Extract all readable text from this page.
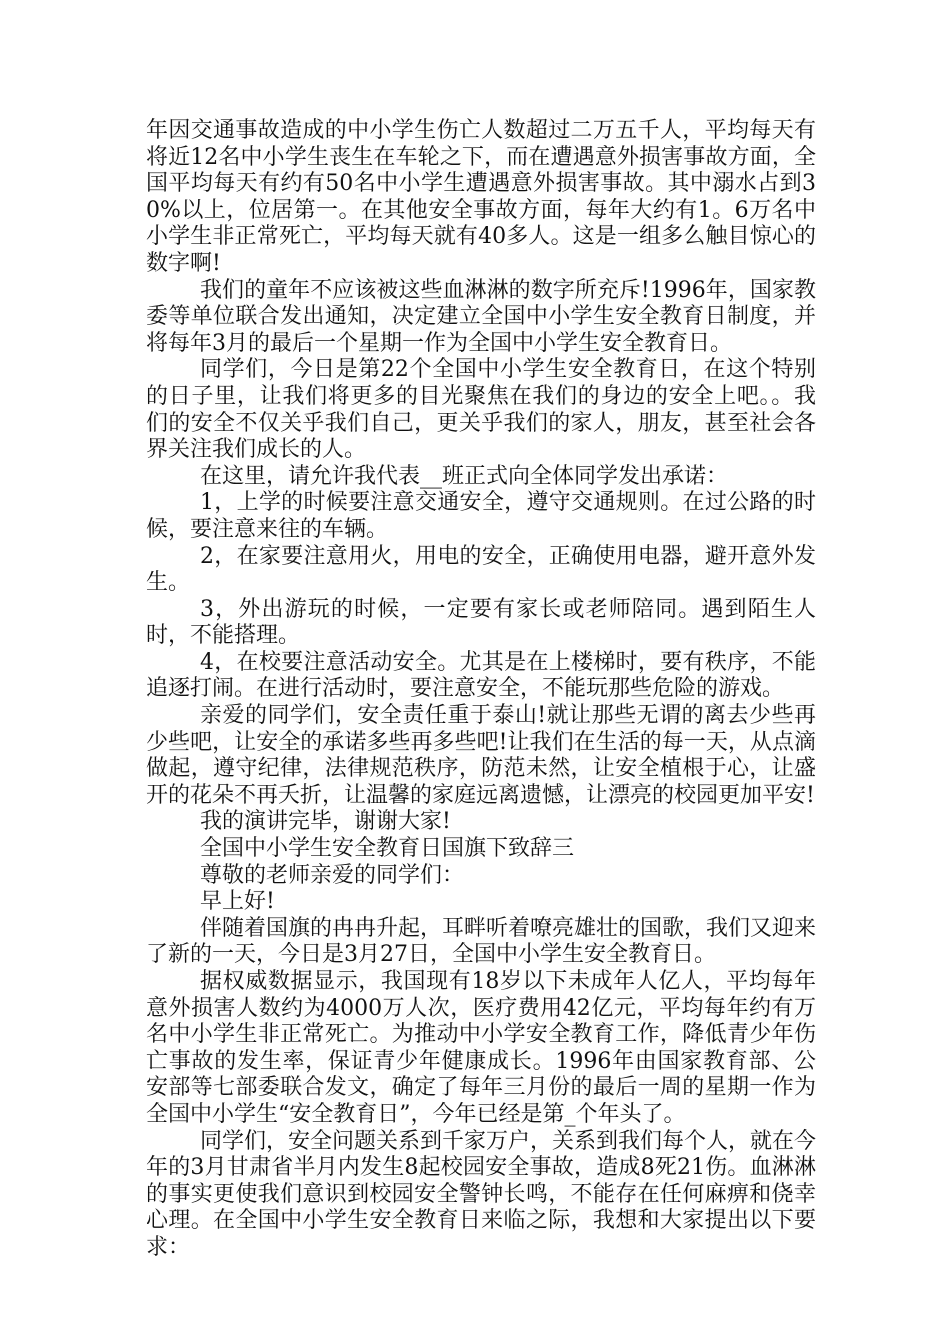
年因交通事故造成的中小学生伤亡人数超过二万五千人，平均每天有将近12名中小学生丧生在车轮之下，而在遭遇意外损害事故方面，全国平均每天有约有50名中小学生遭遇意外损害事故。其中溺水占到30%以上，位居第一。在其他安全事故方面，每年大约有1。6万名中小学生非正常死亡，平均每天就有40多人。这是一组多么触目惊心的数字啊!

我们的童年不应该被这些血淋淋的数字所充斥!1996年，国家教委等单位联合发出通知，决定建立全国中小学生安全教育日制度，并将每年3月的最后一个星期一作为全国中小学生安全教育日。

同学们，今日是第22个全国中小学生安全教育日，在这个特别的日子里，让我们将更多的目光聚焦在我们的身边的安全上吧。。我们的安全不仅关乎我们自己，更关乎我们的家人，朋友，甚至社会各界关注我们成长的人。

在这里，请允许我代表__班正式向全体同学发出承诺：

1，上学的时候要注意交通安全，遵守交通规则。在过公路的时候，要注意来往的车辆。

2，在家要注意用火，用电的安全，正确使用电器，避开意外发生。

3，外出游玩的时候，一定要有家长或老师陪同。遇到陌生人时，不能搭理。

4，在校要注意活动安全。尤其是在上楼梯时，要有秩序，不能追逐打闹。在进行活动时，要注意安全，不能玩那些危险的游戏。

亲爱的同学们，安全责任重于泰山!就让那些无谓的离去少些再少些吧，让安全的承诺多些再多些吧!让我们在生活的每一天，从点滴做起，遵守纪律，法律规范秩序，防范未然，让安全植根于心，让盛开的花朵不再夭折，让温馨的家庭远离遗憾，让漂亮的校园更加平安!

我的演讲完毕，谢谢大家!

全国中小学生安全教育日国旗下致辞三

尊敬的老师亲爱的同学们：

早上好!

伴随着国旗的冉冉升起，耳畔听着嘹亮雄壮的国歌，我们又迎来了新的一天，今日是3月27日，全国中小学生安全教育日。

据权威数据显示，我国现有18岁以下未成年人亿人，平均每年意外损害人数约为4000万人次，医疗费用42亿元，平均每年约有万名中小学生非正常死亡。为推动中小学安全教育工作，降低青少年伤亡事故的发生率，保证青少年健康成长。1996年由国家教育部、公安部等七部委联合发文，确定了每年三月份的最后一周的星期一作为全国中小学生“安全教育日”，今年已经是第_个年头了。

同学们，安全问题关系到千家万户，关系到我们每个人，就在今年的3月甘肃省半月内发生8起校园安全事故，造成8死21伤。血淋淋的事实更使我们意识到校园安全警钟长鸣，不能存在任何麻痹和侥幸心理。在全国中小学生安全教育日来临之际，我想和大家提出以下要求：
